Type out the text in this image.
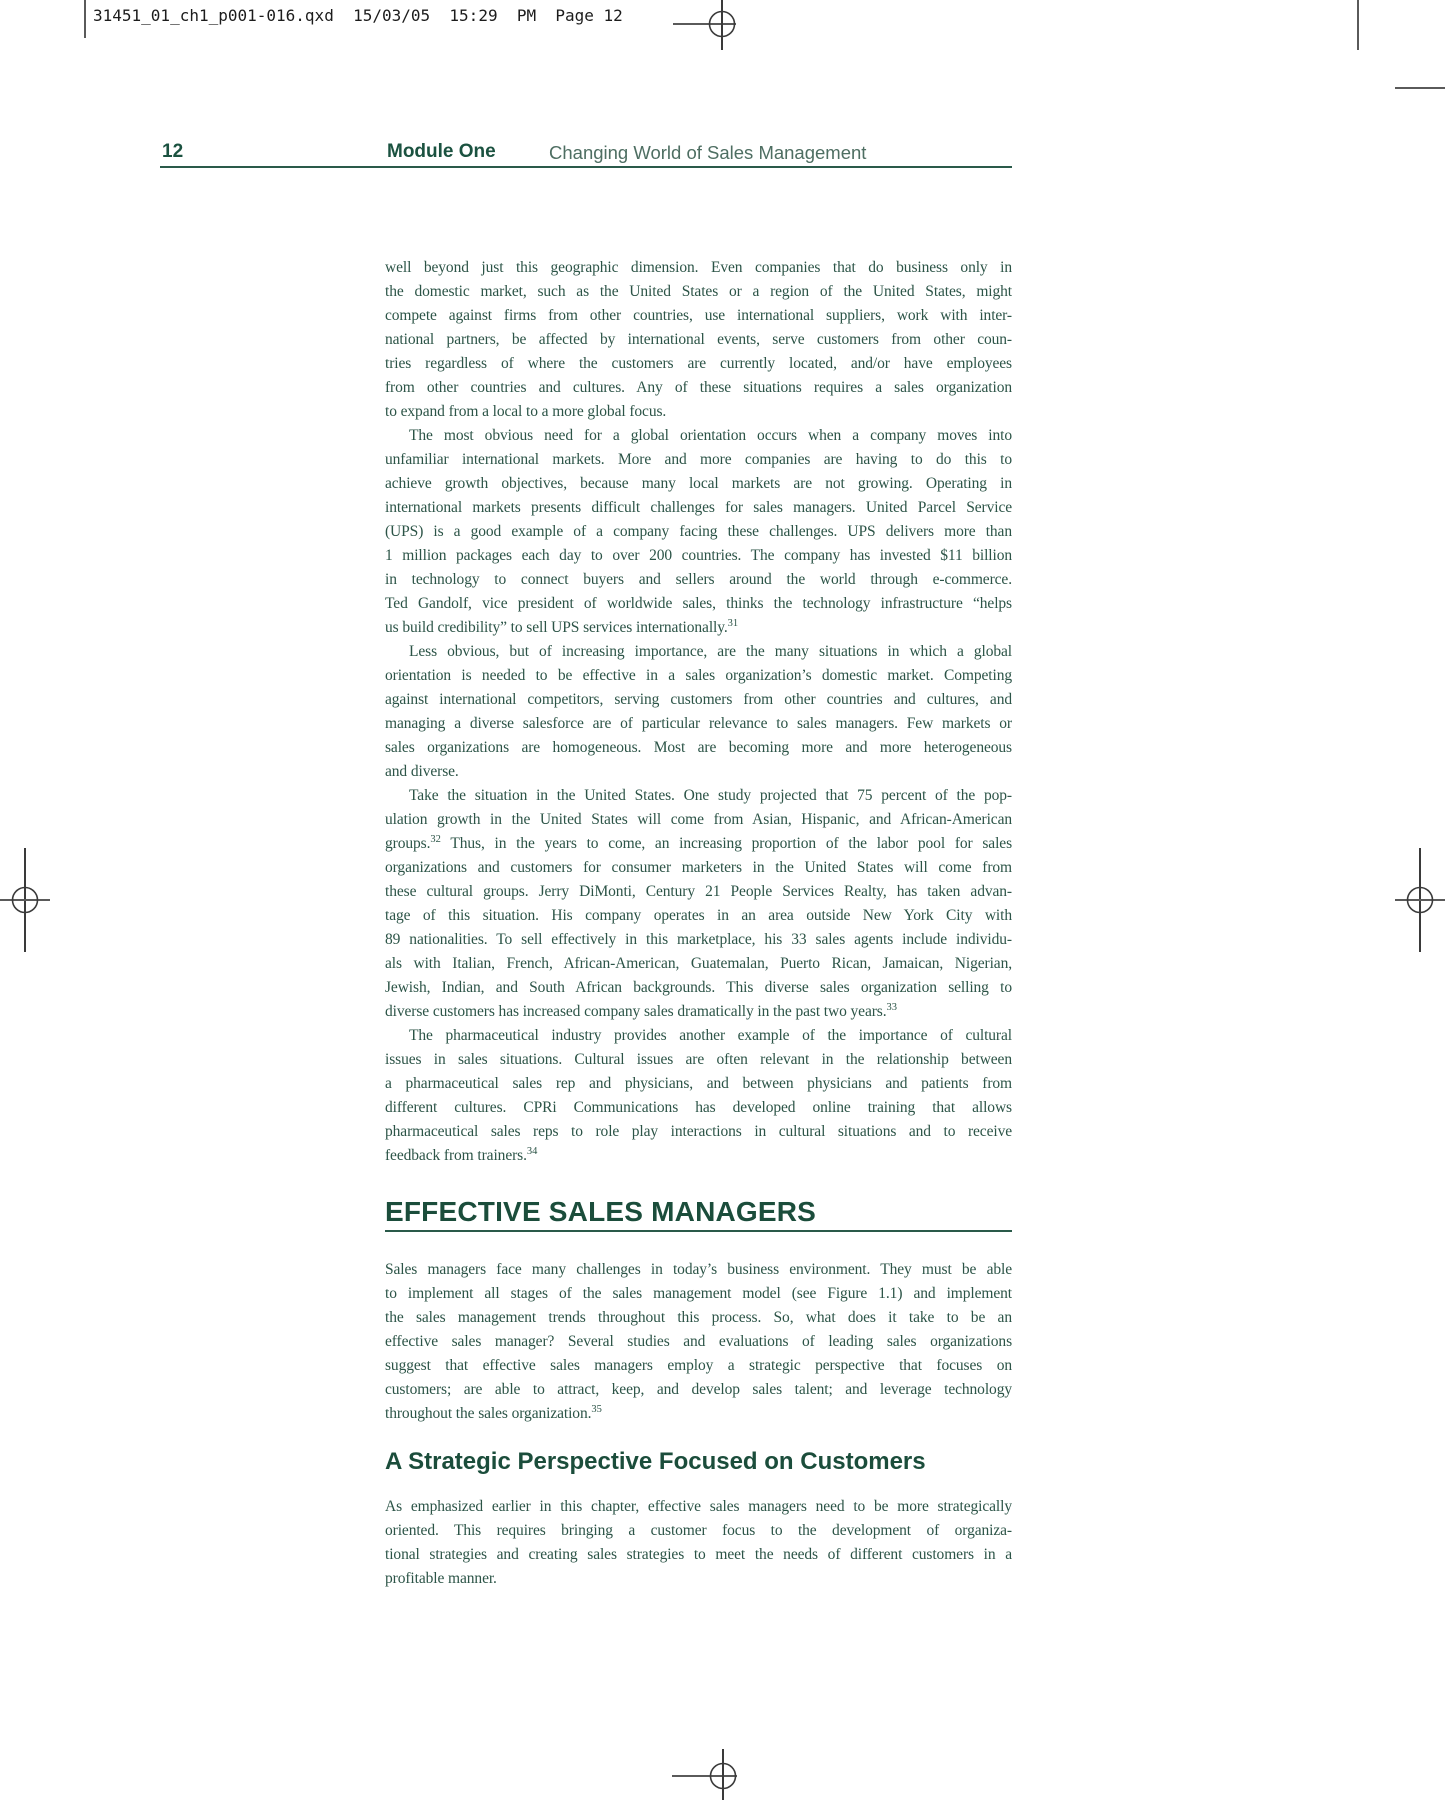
31451_01_ch1_p001-016.qxd  15/03/05  15:29  PM  Page 12
12	Module One	Changing World of Sales Management
well beyond just this geographic dimension. Even companies that do business only in
the domestic market, such as the United States or a region of the United States, might
compete against firms from other countries, use international suppliers, work with inter-
national partners, be affected by international events, serve customers from other coun-
tries regardless of where the customers are currently located, and/or have employees
from other countries and cultures. Any of these situations requires a sales organization
to expand from a local to a more global focus.
The most obvious need for a global orientation occurs when a company moves into
unfamiliar international markets. More and more companies are having to do this to
achieve growth objectives, because many local markets are not growing. Operating in
international markets presents difficult challenges for sales managers. United Parcel Service
(UPS) is a good example of a company facing these challenges. UPS delivers more than
1 million packages each day to over 200 countries. The company has invested $11 billion
in technology to connect buyers and sellers around the world through e-commerce.
Ted Gandolf, vice president of worldwide sales, thinks the technology infrastructure “helps
us build credibility” to sell UPS services internationally.$^{31}$
Less obvious, but of increasing importance, are the many situations in which a global
orientation is needed to be effective in a sales organization’s domestic market. Competing
against international competitors, serving customers from other countries and cultures, and
managing a diverse salesforce are of particular relevance to sales managers. Few markets or
sales organizations are homogeneous. Most are becoming more and more heterogeneous
and diverse.
Take the situation in the United States. One study projected that 75 percent of the pop-
ulation growth in the United States will come from Asian, Hispanic, and African-American
groups.$^{32}$ Thus, in the years to come, an increasing proportion of the labor pool for sales
organizations and customers for consumer marketers in the United States will come from
these cultural groups. Jerry DiMonti, Century 21 People Services Realty, has taken advan-
tage of this situation. His company operates in an area outside New York City with
89 nationalities. To sell effectively in this marketplace, his 33 sales agents include individu-
als with Italian, French, African-American, Guatemalan, Puerto Rican, Jamaican, Nigerian,
Jewish, Indian, and South African backgrounds. This diverse sales organization selling to
diverse customers has increased company sales dramatically in the past two years.$^{33}$
The pharmaceutical industry provides another example of the importance of cultural
issues in sales situations. Cultural issues are often relevant in the relationship between
a pharmaceutical sales rep and physicians, and between physicians and patients from
different cultures. CPRi Communications has developed online training that allows
pharmaceutical sales reps to role play interactions in cultural situations and to receive
feedback from trainers.$^{34}$
EFFECTIVE SALES MANAGERS
Sales managers face many challenges in today’s business environment. They must be able
to implement all stages of the sales management model (see Figure 1.1) and implement
the sales management trends throughout this process. So, what does it take to be an
effective sales manager? Several studies and evaluations of leading sales organizations
suggest that effective sales managers employ a strategic perspective that focuses on
customers; are able to attract, keep, and develop sales talent; and leverage technology
throughout the sales organization.$^{35}$
A Strategic Perspective Focused on Customers
As emphasized earlier in this chapter, effective sales managers need to be more strategically
oriented. This requires bringing a customer focus to the development of organiza-
tional strategies and creating sales strategies to meet the needs of different customers in a
profitable manner.
